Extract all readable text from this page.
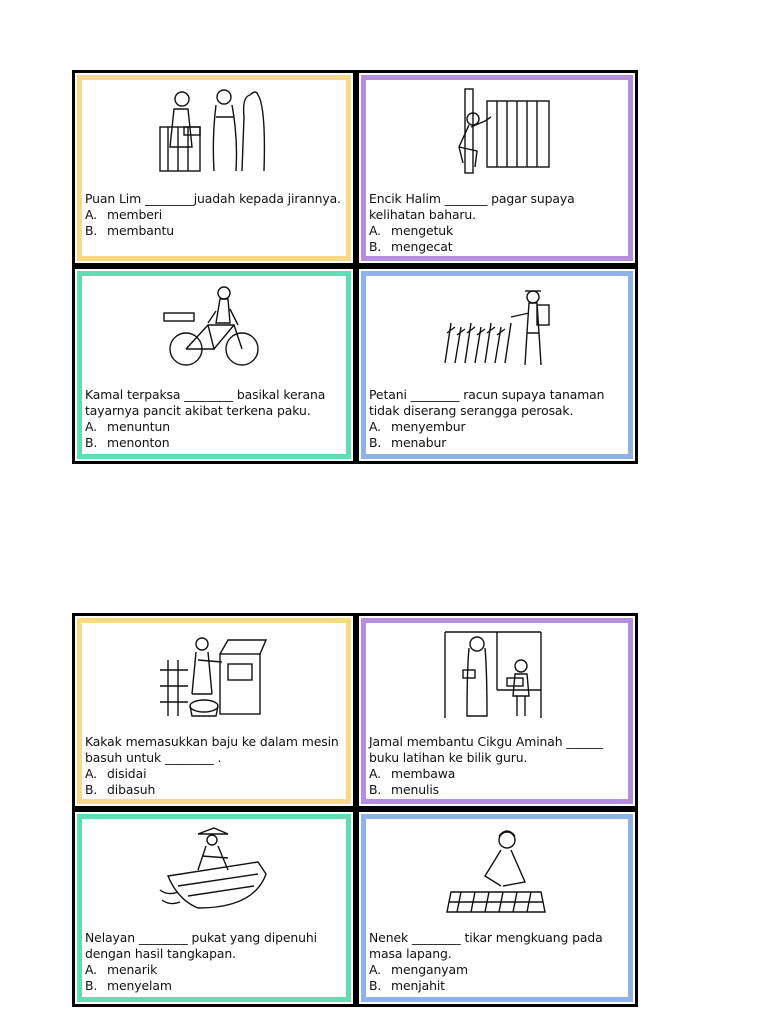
Puan Lim ________juadah kepada jirannya.
A. memberi
B. membantu
Encik Halim _______ pagar supaya
kelihatan baharu.
A. mengetuk
B. mengecat
Kamal terpaksa ________ basikal kerana
tayarnya pancit akibat terkena paku.
A. menuntun
B. menonton
Petani ________ racun supaya tanaman
tidak diserang serangga perosak.
A. menyembur
B. menabur
Kakak memasukkan baju ke dalam mesin
basuh untuk ________ .
A. disidai
B. dibasuh
Jamal membantu Cikgu Aminah ______
buku latihan ke bilik guru.
A. membawa
B. menulis
Nelayan ________ pukat yang dipenuhi
dengan hasil tangkapan.
A. menarik
B. menyelam
Nenek ________ tikar mengkuang pada
masa lapang.
A. menganyam
B. menjahit
